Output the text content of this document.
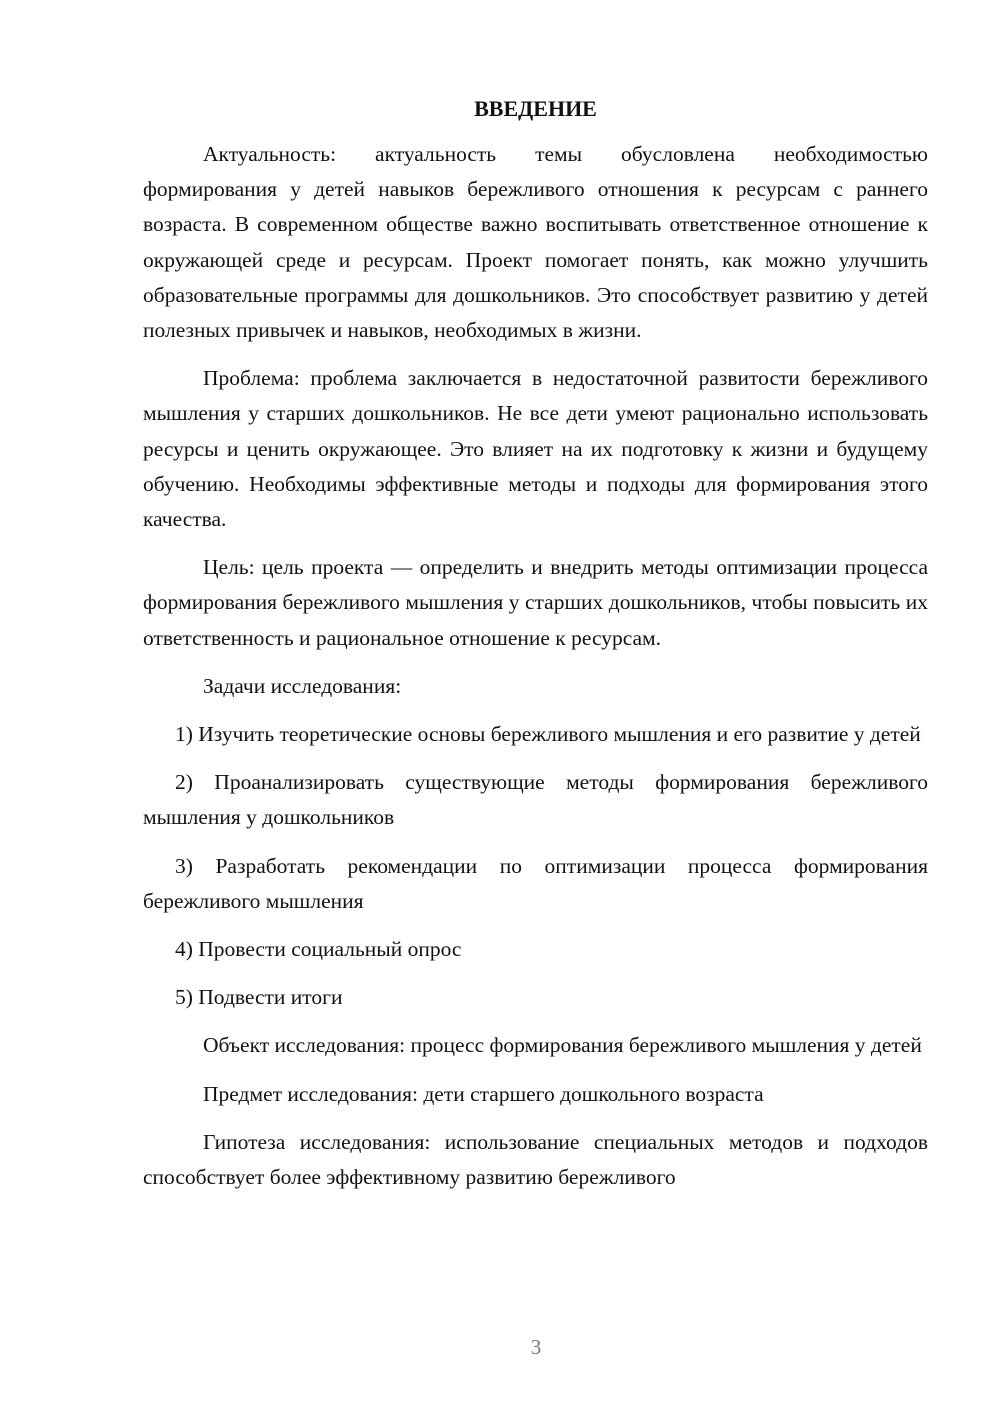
ВВЕДЕНИЕ

Актуальность: актуальность темы обусловлена необходимостью формирования у детей навыков бережливого отношения к ресурсам с раннего возраста. В современном обществе важно воспитывать ответственное отношение к окружающей среде и ресурсам. Проект помогает понять, как можно улучшить образовательные программы для дошкольников. Это способствует развитию у детей полезных привычек и навыков, необходимых в жизни.

Проблема: проблема заключается в недостаточной развитости бережливого мышления у старших дошкольников. Не все дети умеют рационально использовать ресурсы и ценить окружающее. Это влияет на их подготовку к жизни и будущему обучению. Необходимы эффективные методы и подходы для формирования этого качества.

Цель: цель проекта — определить и внедрить методы оптимизации процесса формирования бережливого мышления у старших дошкольников, чтобы повысить их ответственность и рациональное отношение к ресурсам.

Задачи исследования:

1) Изучить теоретические основы бережливого мышления и его развитие у детей

2) Проанализировать существующие методы формирования бережливого мышления у дошкольников

3) Разработать рекомендации по оптимизации процесса формирования бережливого мышления

4) Провести социальный опрос

5) Подвести итоги

Объект исследования: процесс формирования бережливого мышления у детей

Предмет исследования: дети старшего дошкольного возраста

Гипотеза исследования: использование специальных методов и подходов способствует более эффективному развитию бережливого

3
